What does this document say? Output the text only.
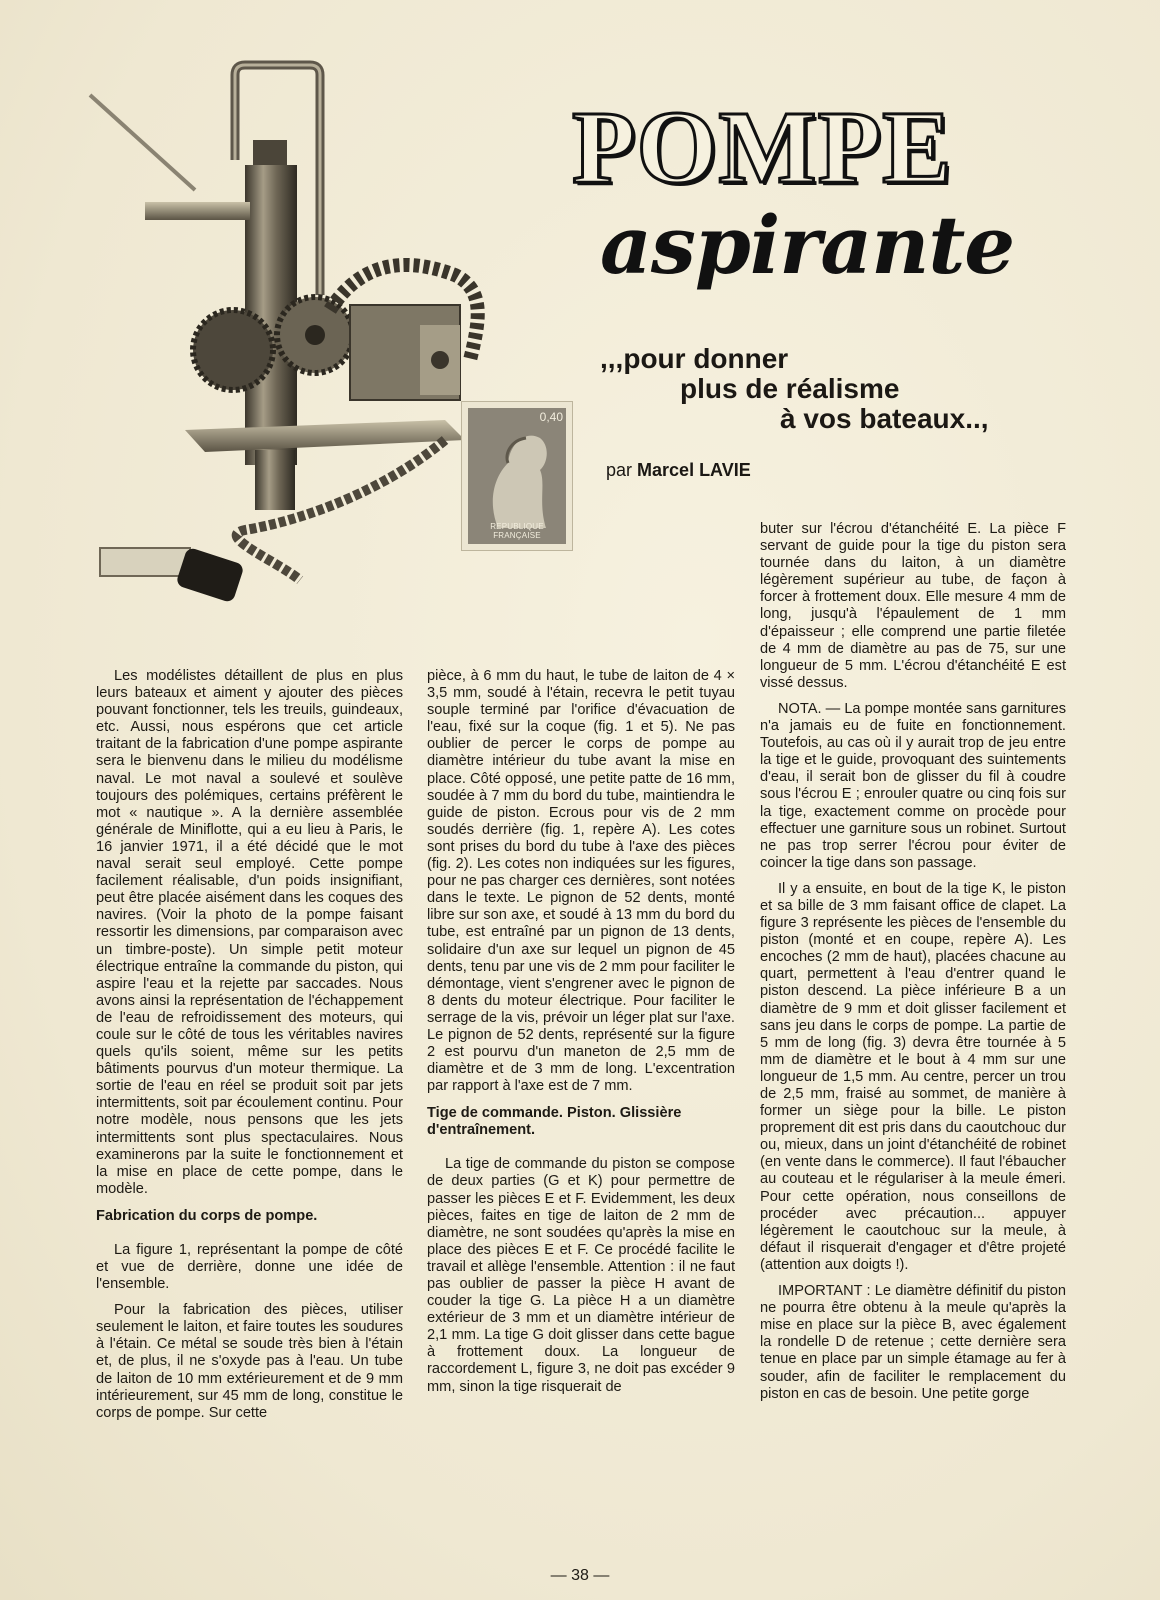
0,40
REPUBLIQUE FRANÇAISE
POMPE
aspirante
,,,pour donner
plus de réalisme
à vos bateaux..,
par Marcel LAVIE

Les modélistes détaillent de plus en plus leurs bateaux et aiment y ajouter des pièces pouvant fonctionner, tels les treuils, guindeaux, etc. Aussi, nous espérons que cet article traitant de la fabrication d'une pompe aspirante sera le bienvenu dans le milieu du modélisme naval. Le mot naval a soulevé et soulève toujours des polémiques, certains préfèrent le mot « nautique ». A la dernière assemblée générale de Miniflotte, qui a eu lieu à Paris, le 16 janvier 1971, il a été décidé que le mot naval serait seul employé. Cette pompe facilement réalisable, d'un poids insignifiant, peut être placée aisément dans les coques des navires. (Voir la photo de la pompe faisant ressortir les dimensions, par comparaison avec un timbre-poste). Un simple petit moteur électrique entraîne la commande du piston, qui aspire l'eau et la rejette par saccades. Nous avons ainsi la représentation de l'échappement de l'eau de refroidissement des moteurs, qui coule sur le côté de tous les véritables navires quels qu'ils soient, même sur les petits bâtiments pourvus d'un moteur thermique. La sortie de l'eau en réel se produit soit par jets intermittents, soit par écoulement continu. Pour notre modèle, nous pensons que les jets intermittents sont plus spectaculaires. Nous examinerons par la suite le fonctionnement et la mise en place de cette pompe, dans le modèle.

Fabrication du corps de pompe.

La figure 1, représentant la pompe de côté et vue de derrière, donne une idée de l'ensemble.

Pour la fabrication des pièces, utiliser seulement le laiton, et faire toutes les soudures à l'étain. Ce métal se soude très bien à l'étain et, de plus, il ne s'oxyde pas à l'eau. Un tube de laiton de 10 mm extérieurement et de 9 mm intérieurement, sur 45 mm de long, constitue le corps de pompe. Sur cette

pièce, à 6 mm du haut, le tube de laiton de 4 × 3,5 mm, soudé à l'étain, recevra le petit tuyau souple terminé par l'orifice d'évacuation de l'eau, fixé sur la coque (fig. 1 et 5). Ne pas oublier de percer le corps de pompe au diamètre intérieur du tube avant la mise en place. Côté opposé, une petite patte de 16 mm, soudée à 7 mm du bord du tube, maintiendra le guide de piston. Ecrous pour vis de 2 mm soudés derrière (fig. 1, repère A). Les cotes sont prises du bord du tube à l'axe des pièces (fig. 2). Les cotes non indiquées sur les figures, pour ne pas charger ces dernières, sont notées dans le texte. Le pignon de 52 dents, monté libre sur son axe, et soudé à 13 mm du bord du tube, est entraîné par un pignon de 13 dents, solidaire d'un axe sur lequel un pignon de 45 dents, tenu par une vis de 2 mm pour faciliter le démontage, vient s'engrener avec le pignon de 8 dents du moteur électrique. Pour faciliter le serrage de la vis, prévoir un léger plat sur l'axe. Le pignon de 52 dents, représenté sur la figure 2 est pourvu d'un maneton de 2,5 mm de diamètre et de 3 mm de long. L'excentration par rapport à l'axe est de 7 mm.

Tige de commande. Piston. Glissière d'entraînement.

La tige de commande du piston se compose de deux parties (G et K) pour permettre de passer les pièces E et F. Evidemment, les deux pièces, faites en tige de laiton de 2 mm de diamètre, ne sont soudées qu'après la mise en place des pièces E et F. Ce procédé facilite le travail et allège l'ensemble. Attention : il ne faut pas oublier de passer la pièce H avant de couder la tige G. La pièce H a un diamètre extérieur de 3 mm et un diamètre intérieur de 2,1 mm. La tige G doit glisser dans cette bague à frottement doux. La longueur de raccordement L, figure 3, ne doit pas excéder 9 mm, sinon la tige risquerait de

buter sur l'écrou d'étanchéité E. La pièce F servant de guide pour la tige du piston sera tournée dans du laiton, à un diamètre légèrement supérieur au tube, de façon à forcer à frottement doux. Elle mesure 4 mm de long, jusqu'à l'épaulement de 1 mm d'épaisseur ; elle comprend une partie filetée de 4 mm de diamètre au pas de 75, sur une longueur de 5 mm. L'écrou d'étanchéité E est vissé dessus.

NOTA. — La pompe montée sans garnitures n'a jamais eu de fuite en fonctionnement. Toutefois, au cas où il y aurait trop de jeu entre la tige et le guide, provoquant des suintements d'eau, il serait bon de glisser du fil à coudre sous l'écrou E ; enrouler quatre ou cinq fois sur la tige, exactement comme on procède pour effectuer une garniture sous un robinet. Surtout ne pas trop serrer l'écrou pour éviter de coincer la tige dans son passage.

Il y a ensuite, en bout de la tige K, le piston et sa bille de 3 mm faisant office de clapet. La figure 3 représente les pièces de l'ensemble du piston (monté et en coupe, repère A). Les encoches (2 mm de haut), placées chacune au quart, permettent à l'eau d'entrer quand le piston descend. La pièce inférieure B a un diamètre de 9 mm et doit glisser facilement et sans jeu dans le corps de pompe. La partie de 5 mm de long (fig. 3) devra être tournée à 5 mm de diamètre et le bout à 4 mm sur une longueur de 1,5 mm. Au centre, percer un trou de 2,5 mm, fraisé au sommet, de manière à former un siège pour la bille. Le piston proprement dit est pris dans du caoutchouc dur ou, mieux, dans un joint d'étanchéité de robinet (en vente dans le commerce). Il faut l'ébaucher au couteau et le régulariser à la meule émeri. Pour cette opération, nous conseillons de procéder avec précaution... appuyer légèrement le caoutchouc sur la meule, à défaut il risquerait d'engager et d'être projeté (attention aux doigts !).

IMPORTANT : Le diamètre définitif du piston ne pourra être obtenu à la meule qu'après la mise en place sur la pièce B, avec également la rondelle D de retenue ; cette dernière sera tenue en place par un simple étamage au fer à souder, afin de faciliter le remplacement du piston en cas de besoin. Une petite gorge

— 38 —
